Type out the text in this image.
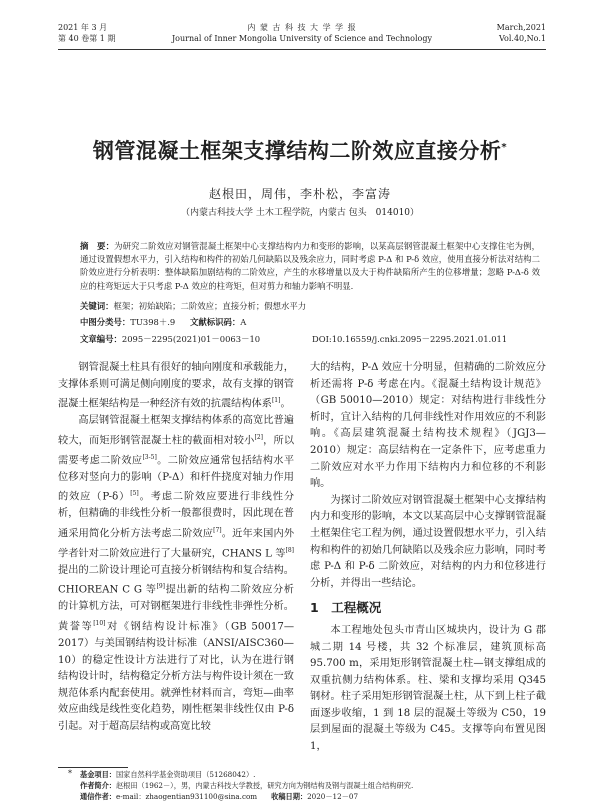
2021 年 3 月
第 40 卷第 1 期
内 蒙 古 科 技 大 学 学 报
Journal of Inner Mongolia University of Science and Technology
March,2021
Vol.40,No.1
钢管混凝土框架支撑结构二阶效应直接分析*
赵根田，周伟，李朴松，李富涛
（内蒙古科技大学 土木工程学院，内蒙古 包头　014010）
摘　要：为研究二阶效应对钢管混凝土框架中心支撑结构内力和变形的影响，以某高层钢管混凝土框架中心支撑住宅为例，通过设置假想水平力，引入结构和构件的初始几何缺陷以及残余应力，同时考虑 P-Δ 和 P-δ 效应，使用直接分析法对结构二阶效应进行分析表明：整体缺陷加剧结构的二阶效应，产生的水移增量以及大于构件缺陷所产生的位移增量；忽略 P-Δ-δ 效应的柱弯矩远大于只考虑 P-Δ 效应的柱弯矩，但对剪力和轴力影响不明显.
关键词：框架；初始缺陷；二阶效应；直接分析；假想水平力
中图分类号：TU398＋.9 文献标识码：A
文章编号：2095－2295(2021)01－0063－10	DOI:10.16559/j.cnki.2095－2295.2021.01.011

钢管混凝土柱具有很好的轴向刚度和承载能力，支撑体系则可满足侧向刚度的要求，故有支撑的钢管混凝土框架结构是一种经济有效的抗震结构体系[1]。

高层钢管混凝土框架支撑结构体系的高宽比普遍较大，而矩形钢管混凝土柱的截面相对较小[2]，所以需要考虑二阶效应[3-5]。二阶效应通常包括结构水平位移对竖向力的影响（P-Δ）和杆件挠度对轴力作用的效应（P-δ）[5]。考虑二阶效应要进行非线性分析，但精确的非线性分析一般都很费时，因此现在普通采用简化分析方法考虑二阶效应[7]。近年来国内外学者针对二阶效应进行了大量研究，CHANS L 等[8]提出的二阶设计理论可直接分析钢结构和复合结构。CHIOREAN C G 等[9]提出新的结构二阶效应分析的计算机方法，可对钢框架进行非线性非弹性分析。黄誉等[10]对《钢结构设计标准》（GB 50017—2017）与美国钢结构设计标准（ANSI/AISC360—10）的稳定性设计方法进行了对比，认为在进行钢结构设计时，结构稳定分析方法与构件设计须在一致规范体系内配套使用。就弹性材料而言，弯矩—曲率效应曲线是线性变化趋势，刚性框架非线性仅由 P-δ 引起。对于超高层结构或高宽比较

大的结构，P-Δ 效应十分明显，但精确的二阶效应分析还需将 P-δ 考虑在内。《混凝土结构设计规范》（GB 50010—2010）规定：对结构进行非线性分析时，宜计入结构的几何非线性对作用效应的不利影响。《高层建筑混凝土结构技术规程》（JGJ3—2010）规定：高层结构在一定条件下，应考虑重力二阶效应对水平力作用下结构内力和位移的不利影响。

为探讨二阶效应对钢管混凝土框架中心支撑结构内力和变形的影响，本文以某高层中心支撑钢管混凝土框架住宅工程为例，通过设置假想水平力，引入结构和构件的初始几何缺陷以及残余应力影响，同时考虑 P-Δ 和 P-δ 二阶效应，对结构的内力和位移进行分析，并得出一些结论。

1  工程概况

本工程地处包头市青山区城块内，设计为 G 郡城二期 14 号楼，共 32 个标准层，建筑顶标高 95.700 m，采用矩形钢管混凝土柱—钢支撑组成的双重抗侧力结构体系。柱、梁和支撑均采用 Q345 钢材。柱子采用矩形钢管混凝土柱，从下到上柱子截面逐步收缩，1 到 18 层的混凝土等级为 C50，19 层到屋面的混凝土等级为 C45。支撑等向布置见图 1，

* 基金项目：国家自然科学基金资助项目（51268042）.
作者简介：赵根田（1962－），男，内蒙古科技大学教授，研究方向为钢结构及钢与混凝土组合结构研究.
通信作者：e-mail：zhaogentian931100@sina.com 收稿日期：2020－12－07
